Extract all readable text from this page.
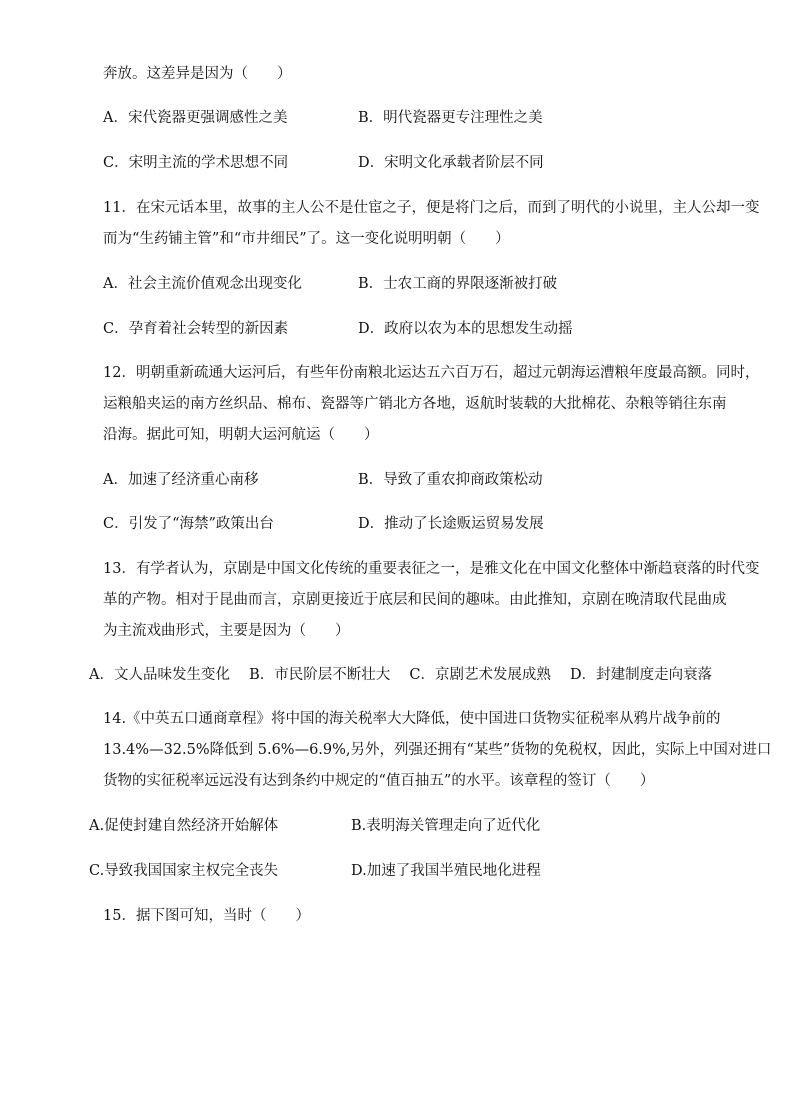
奔放。这差异是因为（　　）
A．宋代瓷器更强调感性之美	B．明代瓷器更专注理性之美
C．宋明主流的学术思想不同	D．宋明文化承载者阶层不同
11．在宋元话本里，故事的主人公不是仕宦之子，便是将门之后，而到了明代的小说里，主人公却一变
而为“生药铺主管”和“市井细民”了。这一变化说明明朝（　　）
A．社会主流价值观念出现变化	B．士农工商的界限逐渐被打破
C．孕育着社会转型的新因素	D．政府以农为本的思想发生动摇
12．明朝重新疏通大运河后，有些年份南粮北运达五六百万石，超过元朝海运漕粮年度最高额。同时，
运粮船夹运的南方丝织品、棉布、瓷器等广销北方各地，返航时装载的大批棉花、杂粮等销往东南
沿海。据此可知，明朝大运河航运（　　）
A．加速了经济重心南移	B．导致了重农抑商政策松动
C．引发了“海禁”政策出台	D．推动了长途贩运贸易发展
13．有学者认为，京剧是中国文化传统的重要表征之一，是雅文化在中国文化整体中渐趋衰落的时代变
革的产物。相对于昆曲而言，京剧更接近于底层和民间的趣味。由此推知，京剧在晚清取代昆曲成
为主流戏曲形式，主要是因为（　　）
A．文人品味发生变化　 B．市民阶层不断壮大　 C．京剧艺术发展成熟　 D．封建制度走向衰落
14.《中英五口通商章程》将中国的海关税率大大降低，使中国进口货物实征税率从鸦片战争前的
13.4%—32.5%降低到 5.6%—6.9%,另外，列强还拥有“某些”货物的免税权，因此，实际上中国对进口
货物的实征税率远远没有达到条约中规定的“值百抽五”的水平。该章程的签订（　　）
A.促使封建自然经济开始解体	B.表明海关管理走向了近代化
C.导致我国国家主权完全丧失	D.加速了我国半殖民地化进程
15．据下图可知，当时（　　）
